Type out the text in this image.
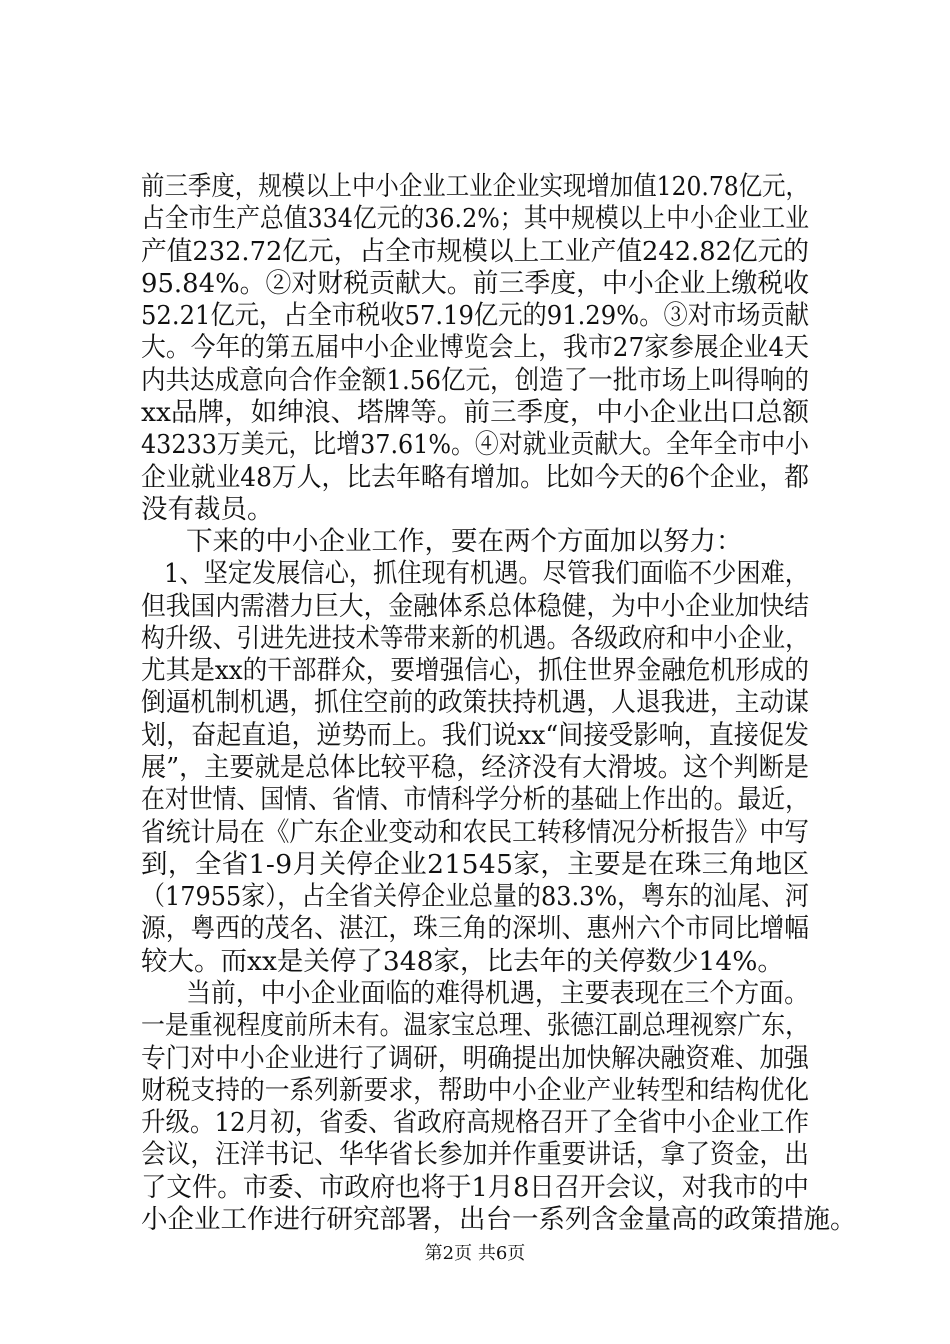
前三季度，规模以上中小企业工业企业实现增加值120.78亿元，
占全市生产总值334亿元的36.2%；其中规模以上中小企业工业
产值232.72亿元，占全市规模以上工业产值242.82亿元的
95.84%。②对财税贡献大。前三季度，中小企业上缴税收
52.21亿元，占全市税收57.19亿元的91.29%。③对市场贡献
大。今年的第五届中小企业博览会上，我市27家参展企业4天
内共达成意向合作金额1.56亿元，创造了一批市场上叫得响的
xx品牌，如绅浪、塔牌等。前三季度，中小企业出口总额
43233万美元，比增37.61%。④对就业贡献大。全年全市中小
企业就业48万人，比去年略有增加。比如今天的6个企业，都
没有裁员。
下来的中小企业工作，要在两个方面加以努力：
1、坚定发展信心，抓住现有机遇。尽管我们面临不少困难，
但我国内需潜力巨大，金融体系总体稳健，为中小企业加快结
构升级、引进先进技术等带来新的机遇。各级政府和中小企业，
尤其是xx的干部群众，要增强信心，抓住世界金融危机形成的
倒逼机制机遇，抓住空前的政策扶持机遇，人退我进，主动谋
划，奋起直追，逆势而上。我们说xx“间接受影响，直接促发
展”，主要就是总体比较平稳，经济没有大滑坡。这个判断是
在对世情、国情、省情、市情科学分析的基础上作出的。最近，
省统计局在《广东企业变动和农民工转移情况分析报告》中写
到，全省1-9月关停企业21545家，主要是在珠三角地区
（17955家），占全省关停企业总量的83.3%，粤东的汕尾、河
源，粤西的茂名、湛江，珠三角的深圳、惠州六个市同比增幅
较大。而xx是关停了348家，比去年的关停数少14%。
当前，中小企业面临的难得机遇，主要表现在三个方面。
一是重视程度前所未有。温家宝总理、张德江副总理视察广东，
专门对中小企业进行了调研，明确提出加快解决融资难、加强
财税支持的一系列新要求，帮助中小企业产业转型和结构优化
升级。12月初，省委、省政府高规格召开了全省中小企业工作
会议，汪洋书记、华华省长参加并作重要讲话，拿了资金，出
了文件。市委、市政府也将于1月8日召开会议，对我市的中
小企业工作进行研究部署，出台一系列含金量高的政策措施。
第2页 共6页
